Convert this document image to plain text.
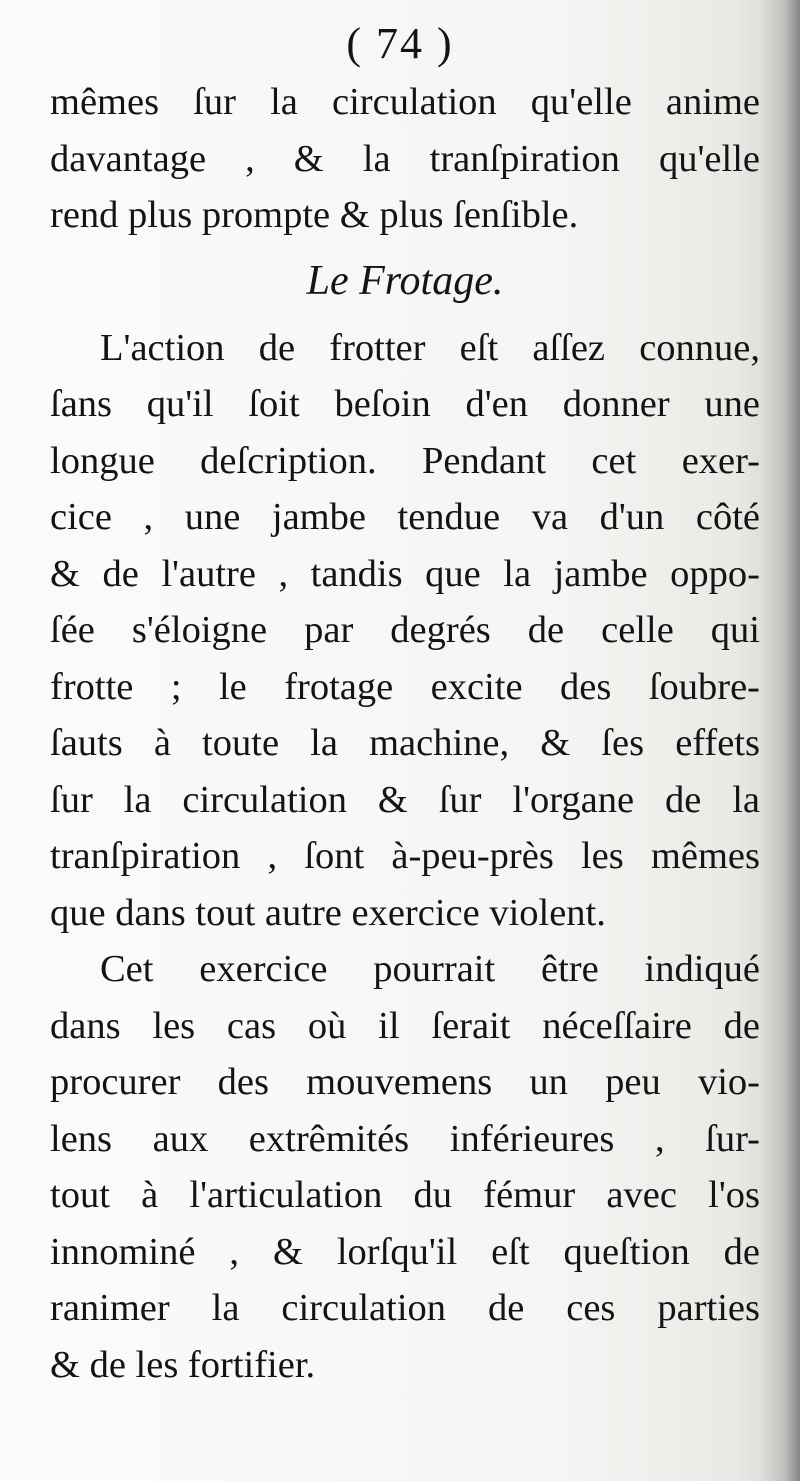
( 74 )
mêmes ſur la circulation qu'elle anime
davantage , & la tranſpiration qu'elle
rend plus prompte & plus ſenſible.
Le Frotage.
L'action de frotter eſt aſſez connue,
ſans qu'il ſoit beſoin d'en donner une
longue deſcription. Pendant cet exer-
cice , une jambe tendue va d'un côté
& de l'autre , tandis que la jambe oppo-
ſée s'éloigne par degrés de celle qui
frotte ; le frotage excite des ſoubre-
ſauts à toute la machine, & ſes effets
ſur la circulation & ſur l'organe de la
tranſpiration , ſont à-peu-près les mêmes
que dans tout autre exercice violent.
Cet exercice pourrait être indiqué
dans les cas où il ſerait néceſſaire de
procurer des mouvemens un peu vio-
lens aux extrêmités inférieures , ſur-
tout à l'articulation du fémur avec l'os
innominé , & lorſqu'il eſt queſtion de
ranimer la circulation de ces parties
& de les fortifier.
